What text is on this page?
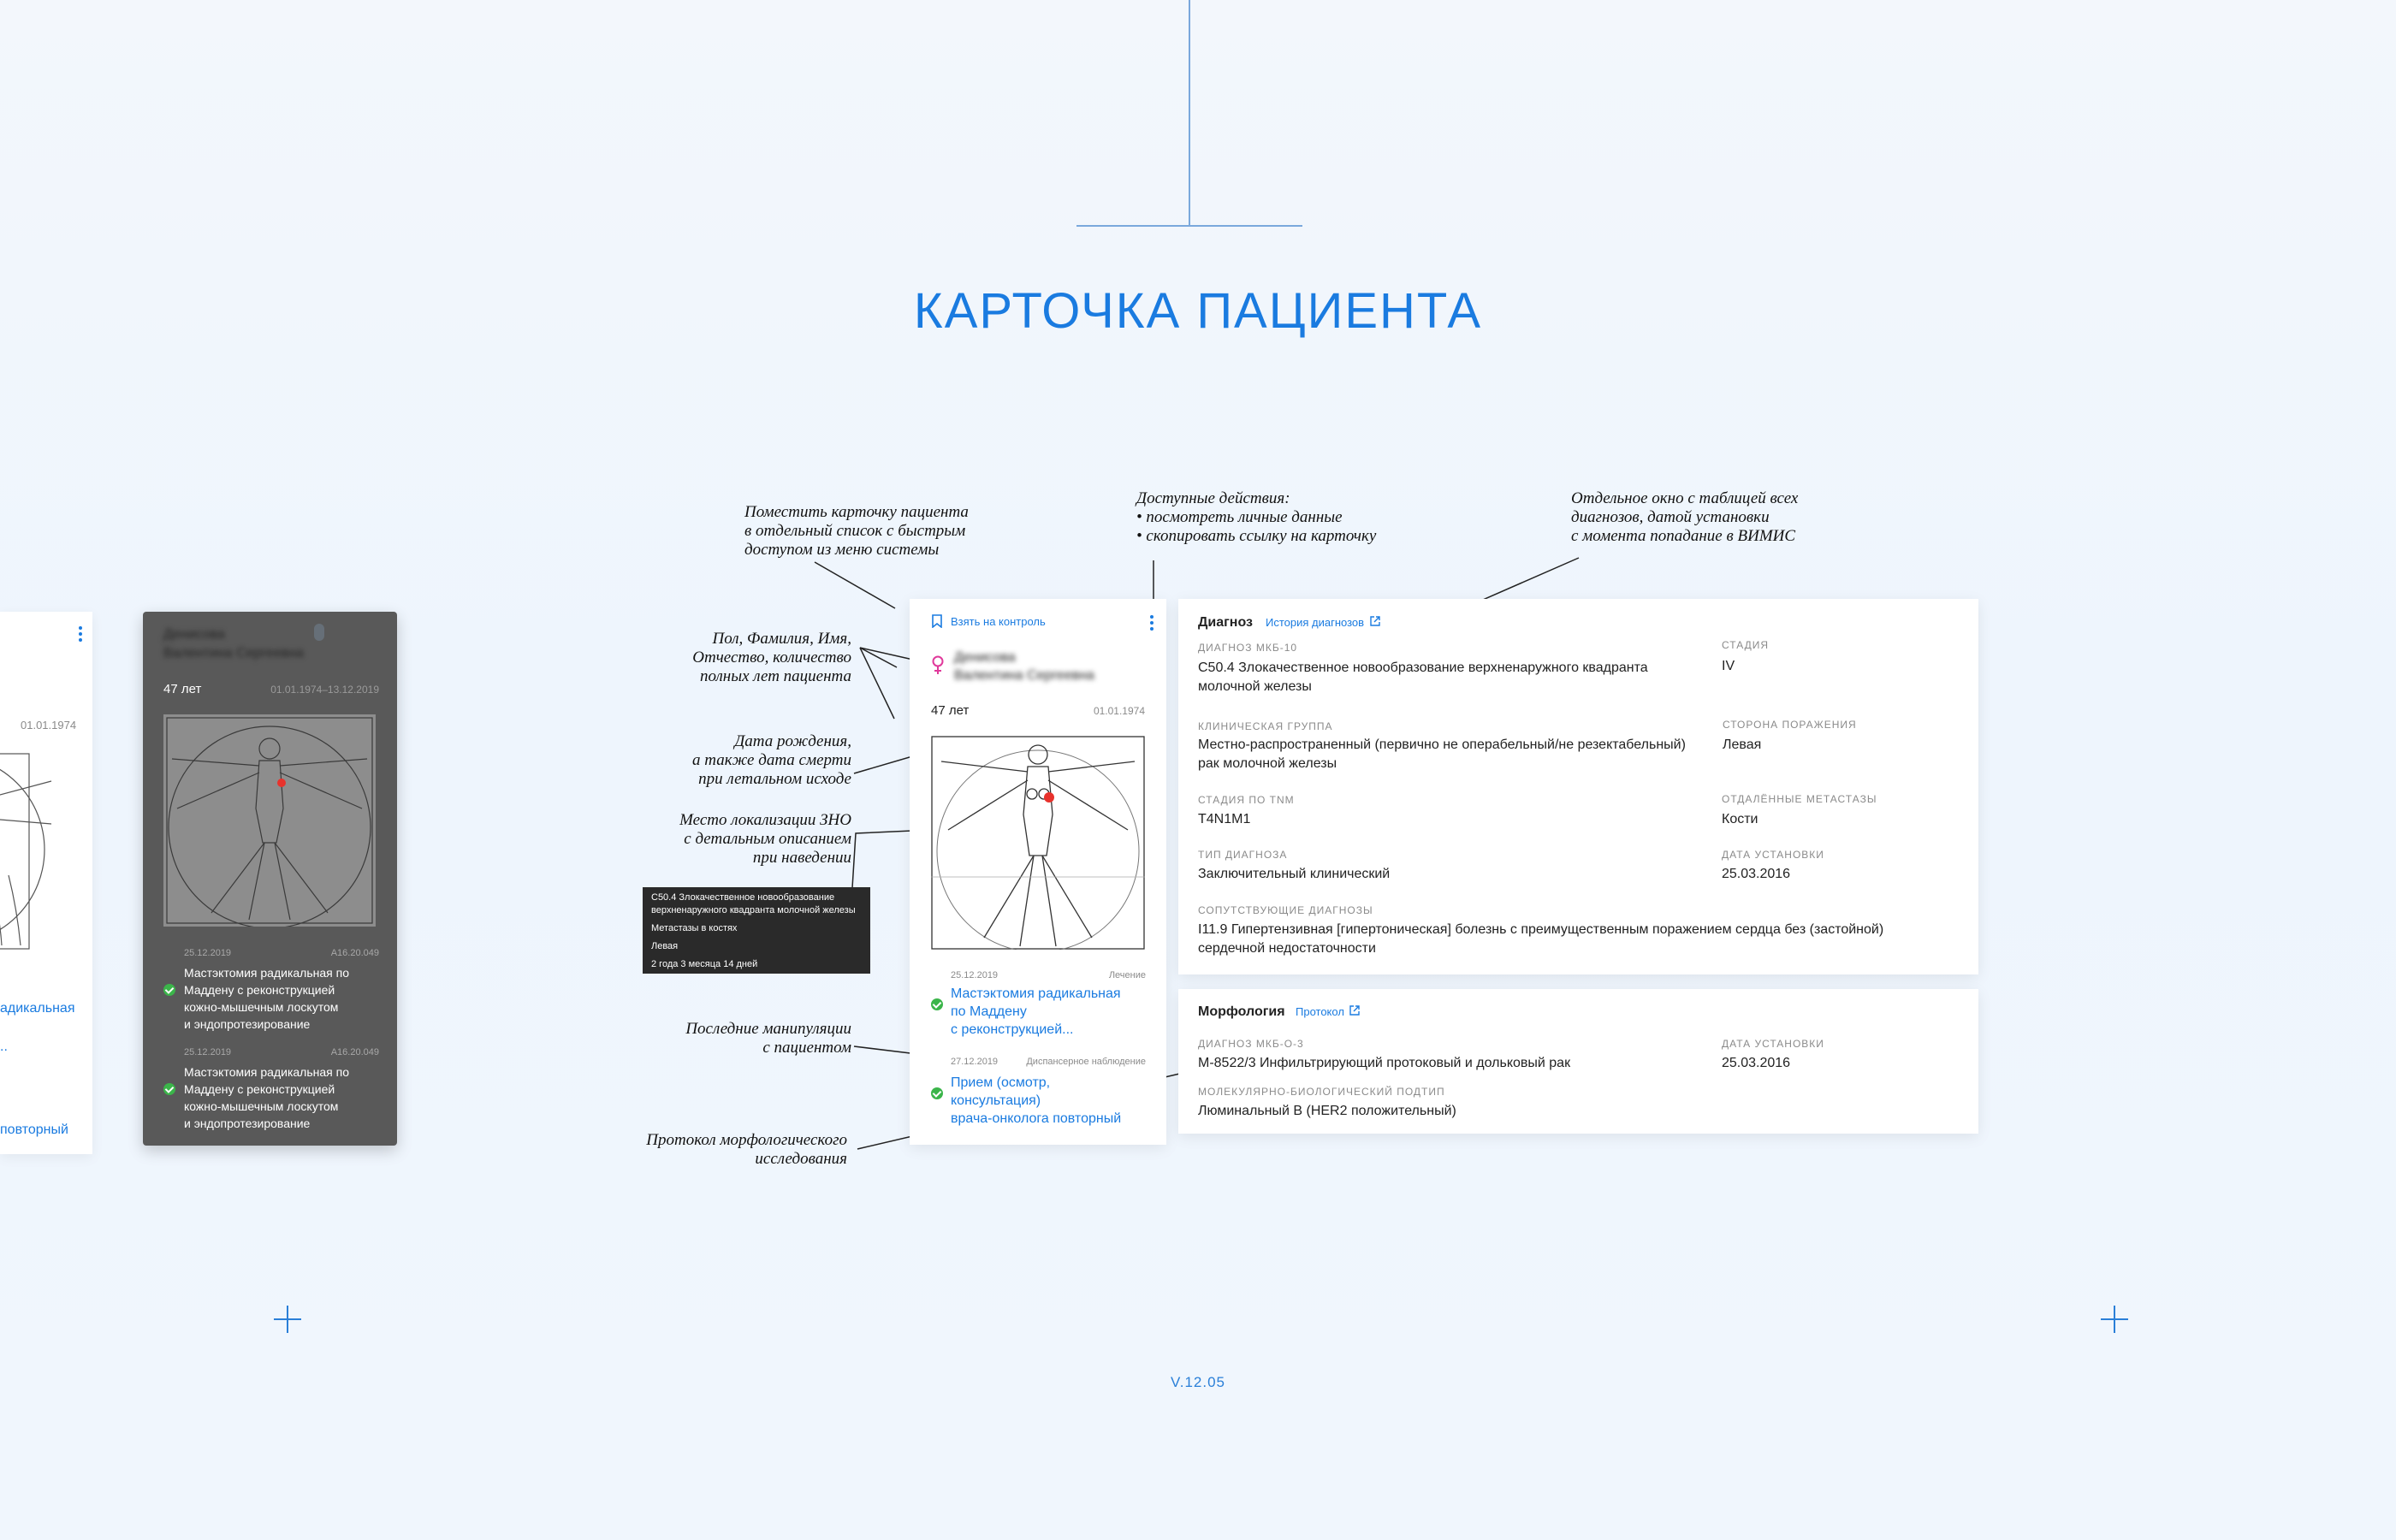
КАРТОЧКА ПАЦИЕНТА
V.12.05
Поместить карточку пациента
в отдельный список с быстрым
доступом из меню системы
Доступные действия:
• посмотреть личные данные
• скопировать ссылку на карточку
Отдельное окно с таблицей всех
диагнозов, датой установки
с момента попадание в ВИМИС
Пол, Фамилия, Имя,
Отчество, количество
полных лет пациента
Дата рождения,
а также дата смерти
при летальном исходе
Место локализации ЗНО
с детальным описанием
при наведении
Последние манипуляции
с пациентом
Протокол морфологического
исследования
C50.4 Злокачественное новообразование
верхненаружного квадранта молочной железы
Метастазы в костях
Левая
2 года 3 месяца 14 дней
01.01.1974
адикальная
..
повторный
Денисова
Валентина Сергеевна
47 лет	01.01.1974–13.12.2019
25.12.2019	A16.20.049
Мастэктомия радикальная по
Маддену с реконструкцией
кожно-мышечным лоскутом
и эндопротезирование
25.12.2019	A16.20.049
Мастэктомия радикальная по
Маддену с реконструкцией
кожно-мышечным лоскутом
и эндопротезирование
Взять на контроль
Денисова
Валентина Сергеевна
47 лет	01.01.1974
25.12.2019	Лечение
Мастэктомия радикальная
по Маддену
с реконструкцией...
27.12.2019	Диспансерное наблюдение
Прием (осмотр,
консультация)
врача-онколога повторный
Диагноз История диагнозов
ДИАГНОЗ МКБ-10
C50.4 Злокачественное новообразование верхненаружного квадранта
молочной железы
СТАДИЯ
IV
КЛИНИЧЕСКАЯ ГРУППА
Местно-распространенный (первично не операбельный/не резектабельный)
рак молочной железы
СТОРОНА ПОРАЖЕНИЯ
Левая
СТАДИЯ ПО TNM
T4N1M1
ОТДАЛЁННЫЕ МЕТАСТАЗЫ
Кости
ТИП ДИАГНОЗА
Заключительный клинический
ДАТА УСТАНОВКИ
25.03.2016
СОПУТСТВУЮЩИЕ ДИАГНОЗЫ
I11.9 Гипертензивная [гипертоническая] болезнь с преимущественным поражением сердца без (застойной)
сердечной недостаточности
Морфология Протокол
ДИАГНОЗ МКБ-О-3
M-8522/3 Инфильтрирующий протоковый и дольковый рак
ДАТА УСТАНОВКИ
25.03.2016
МОЛЕКУЛЯРНО-БИОЛОГИЧЕСКИЙ ПОДТИП
Люминальный B (HER2 положительный)
